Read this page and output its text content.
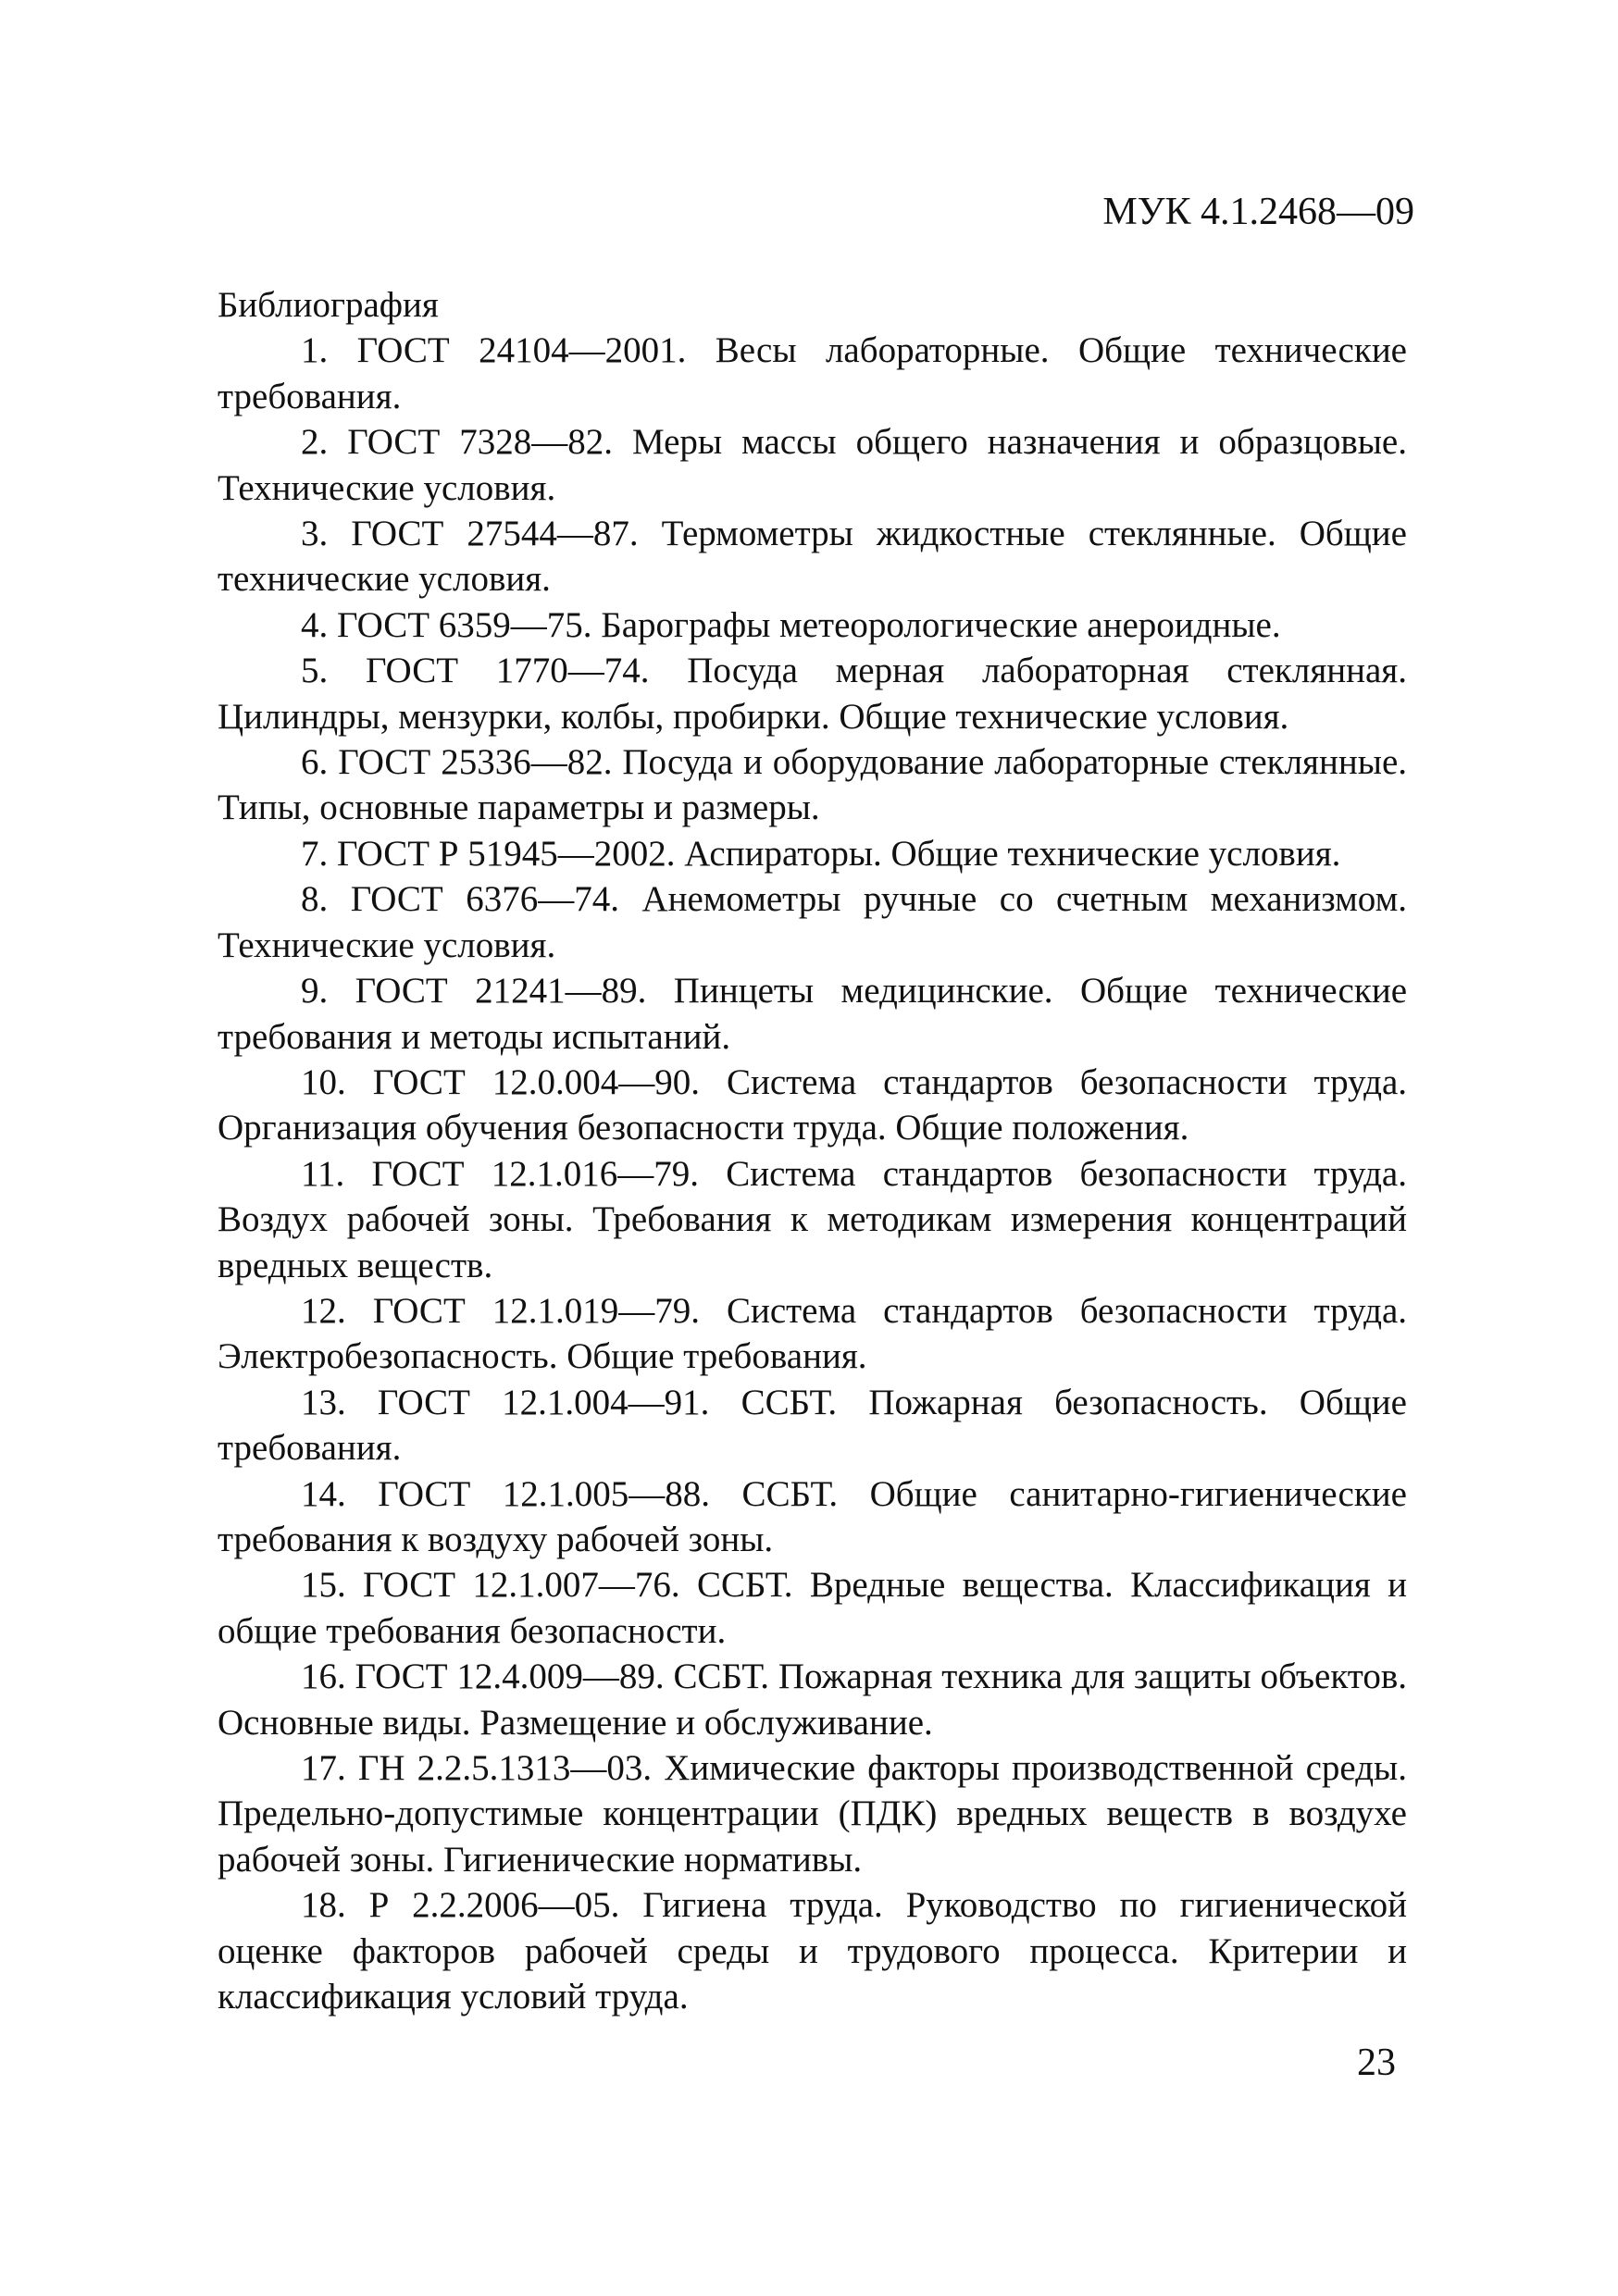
МУК 4.1.2468—09
Библиография
1. ГОСТ 24104—2001. Весы лабораторные. Общие технические требования.
2. ГОСТ 7328—82. Меры массы общего назначения и образцовые. Технические условия.
3. ГОСТ 27544—87. Термометры жидкостные стеклянные. Общие технические условия.
4. ГОСТ 6359—75. Барографы метеорологические анероидные.
5. ГОСТ 1770—74. Посуда мерная лабораторная стеклянная. Цилиндры, мензурки, колбы, пробирки. Общие технические условия.
6. ГОСТ 25336—82. Посуда и оборудование лабораторные стеклянные. Типы, основные параметры и размеры.
7. ГОСТ Р 51945—2002. Аспираторы. Общие технические условия.
8. ГОСТ 6376—74. Анемометры ручные со счетным механизмом. Технические условия.
9. ГОСТ 21241—89. Пинцеты медицинские. Общие технические требования и методы испытаний.
10. ГОСТ 12.0.004—90. Система стандартов безопасности труда. Организация обучения безопасности труда. Общие положения.
11. ГОСТ 12.1.016—79. Система стандартов безопасности труда. Воздух рабочей зоны. Требования к методикам измерения концентраций вредных веществ.
12. ГОСТ 12.1.019—79. Система стандартов безопасности труда. Электробезопасность. Общие требования.
13. ГОСТ 12.1.004—91. ССБТ. Пожарная безопасность. Общие требования.
14. ГОСТ 12.1.005—88. ССБТ. Общие санитарно-гигиенические требования к воздуху рабочей зоны.
15. ГОСТ 12.1.007—76. ССБТ. Вредные вещества. Классификация и общие требования безопасности.
16. ГОСТ 12.4.009—89. ССБТ. Пожарная техника для защиты объектов. Основные виды. Размещение и обслуживание.
17. ГН 2.2.5.1313—03. Химические факторы производственной среды. Предельно-допустимые концентрации (ПДК) вредных веществ в воздухе рабочей зоны. Гигиенические нормативы.
18. Р 2.2.2006—05. Гигиена труда. Руководство по гигиенической оценке факторов рабочей среды и трудового процесса. Критерии и классификация условий труда.
23
